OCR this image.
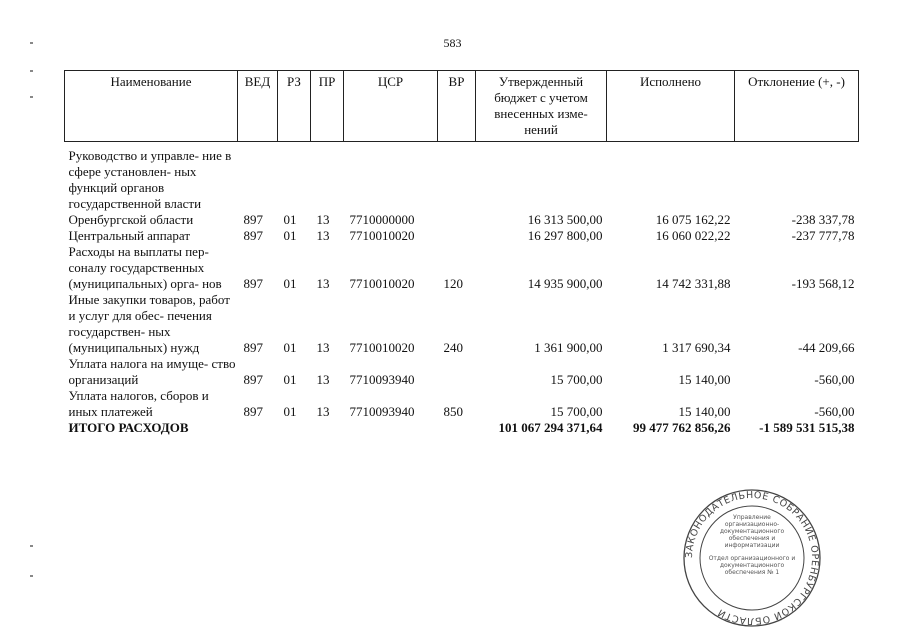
583
Наименование	ВЕД	РЗ	ПР	ЦСР	ВР	Утвержденный бюджет с учетом внесенных изме- нений	Исполнено	Отклонение (+, -)
Руководство и управле- ние в сфере установлен- ных функций органов государственной власти Оренбургской области	897	01	13	7710000000		16 313 500,00	16 075 162,22	-238 337,78
Центральный аппарат	897	01	13	7710010020		16 297 800,00	16 060 022,22	-237 777,78
Расходы на выплаты пер- соналу государственных (муниципальных) орга- нов	897	01	13	7710010020	120	14 935 900,00	14 742 331,88	-193 568,12
Иные закупки товаров, работ и услуг для обес- печения государствен- ных (муниципальных) нужд	897	01	13	7710010020	240	1 361 900,00	1 317 690,34	-44 209,66
Уплата налога на имуще- ство организаций	897	01	13	7710093940		15 700,00	15 140,00	-560,00
Уплата налогов, сборов и иных платежей	897	01	13	7710093940	850	15 700,00	15 140,00	-560,00
ИТОГО РАСХОДОВ						101 067 294 371,64	99 477 762 856,26	-1 589 531 515,38
ЗАКОНОДАТЕЛЬНОЕ СОБРАНИЕ ОРЕНБУРГСКОЙ ОБЛАСТИ
Управление организационно- документационного обеспечения и информатизации
Отдел организационного и документационного обеспечения № 1
